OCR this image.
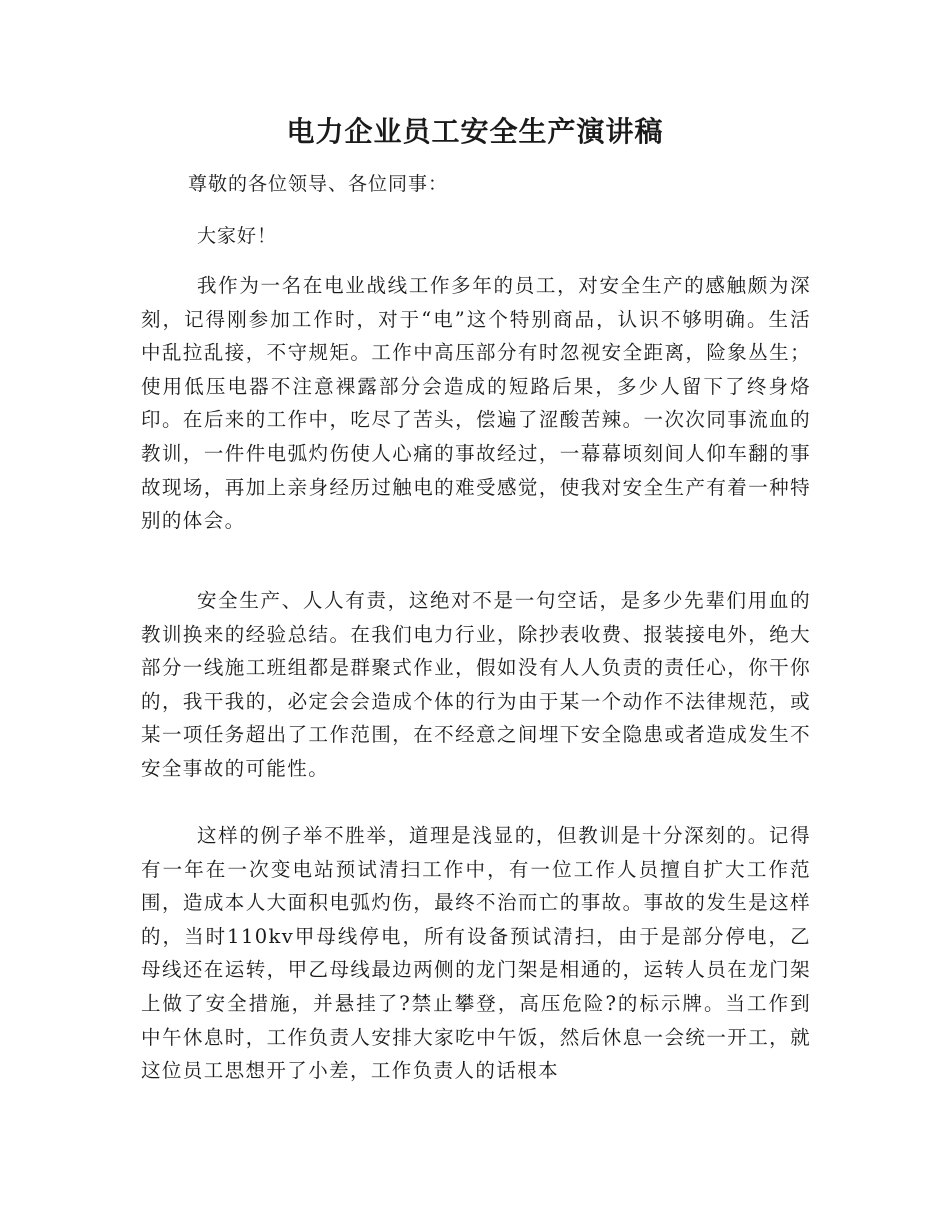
电力企业员工安全生产演讲稿
尊敬的各位领导、各位同事：
大家好！

我作为一名在电业战线工作多年的员工，对安全生产的感触颇为深刻，记得刚参加工作时，对于“电”这个特别商品，认识不够明确。生活中乱拉乱接，不守规矩。工作中高压部分有时忽视安全距离，险象丛生；使用低压电器不注意裸露部分会造成的短路后果，多少人留下了终身烙印。在后来的工作中，吃尽了苦头，偿遍了涩酸苦辣。一次次同事流血的教训，一件件电弧灼伤使人心痛的事故经过，一幕幕顷刻间人仰车翻的事故现场，再加上亲身经历过触电的难受感觉，使我对安全生产有着一种特别的体会。

安全生产、人人有责，这绝对不是一句空话，是多少先辈们用血的教训换来的经验总结。在我们电力行业，除抄表收费、报装接电外，绝大部分一线施工班组都是群聚式作业，假如没有人人负责的责任心，你干你的，我干我的，必定会会造成个体的行为由于某一个动作不法律规范，或某一项任务超出了工作范围，在不经意之间埋下安全隐患或者造成发生不安全事故的可能性。

这样的例子举不胜举，道理是浅显的，但教训是十分深刻的。记得有一年在一次变电站预试清扫工作中，有一位工作人员擅自扩大工作范围，造成本人大面积电弧灼伤，最终不治而亡的事故。事故的发生是这样的，当时110kv甲母线停电，所有设备预试清扫，由于是部分停电，乙母线还在运转，甲乙母线最边两侧的龙门架是相通的，运转人员在龙门架上做了安全措施，并悬挂了?禁止攀登，高压危险?的标示牌。当工作到中午休息时，工作负责人安排大家吃中午饭，然后休息一会统一开工，就这位员工思想开了小差，工作负责人的话根本
